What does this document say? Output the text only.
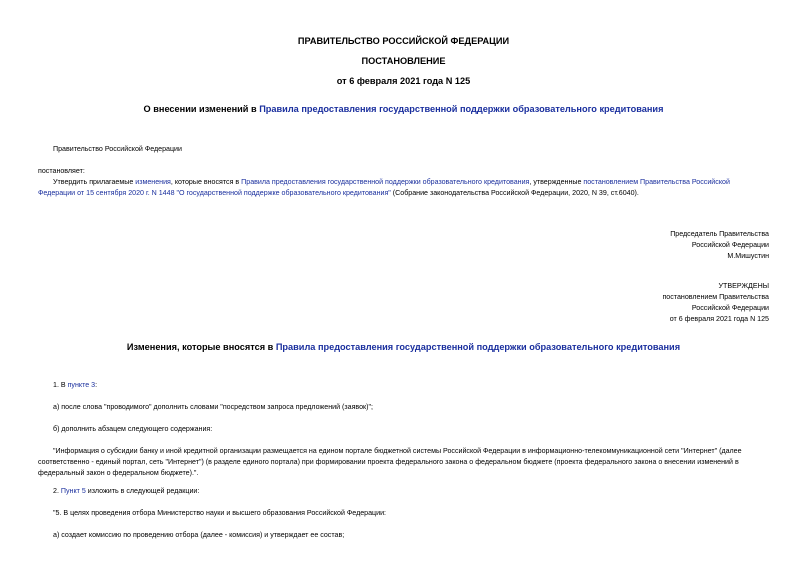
ПРАВИТЕЛЬСТВО РОССИЙСКОЙ ФЕДЕРАЦИИ
ПОСТАНОВЛЕНИЕ
от 6 февраля 2021 года N 125
О внесении изменений в Правила предоставления государственной поддержки образовательного кредитования
Правительство Российской Федерации
постановляет:
Утвердить прилагаемые изменения, которые вносятся в Правила предоставления государственной поддержки образовательного кредитования, утвержденные постановлением Правительства Российской
Федерации от 15 сентября 2020 г. N 1448 "О государственной поддержке образовательного кредитования" (Собрание законодательства Российской Федерации, 2020, N 39, ст.6040).
Председатель Правительства
Российской Федерации
М.Мишустин
УТВЕРЖДЕНЫ
постановлением Правительства
Российской Федерации
от 6 февраля 2021 года N 125
Изменения, которые вносятся в Правила предоставления государственной поддержки образовательного кредитования
1. В пункте 3:
а) после слова "проводимого" дополнить словами "посредством запроса предложений (заявок)";
б) дополнить абзацем следующего содержания:
"Информация о субсидии банку и иной кредитной организации размещается на едином портале бюджетной системы Российской Федерации в информационно-телекоммуникационной сети "Интернет" (далее
соответственно - единый портал, сеть "Интернет") (в разделе единого портала) при формировании проекта федерального закона о федеральном бюджете (проекта федерального закона о внесении изменений в
федеральный закон о федеральном бюджете).".
2. Пункт 5 изложить в следующей редакции:
"5. В целях проведения отбора Министерство науки и высшего образования Российской Федерации:
а) создает комиссию по проведению отбора (далее - комиссия) и утверждает ее состав;
